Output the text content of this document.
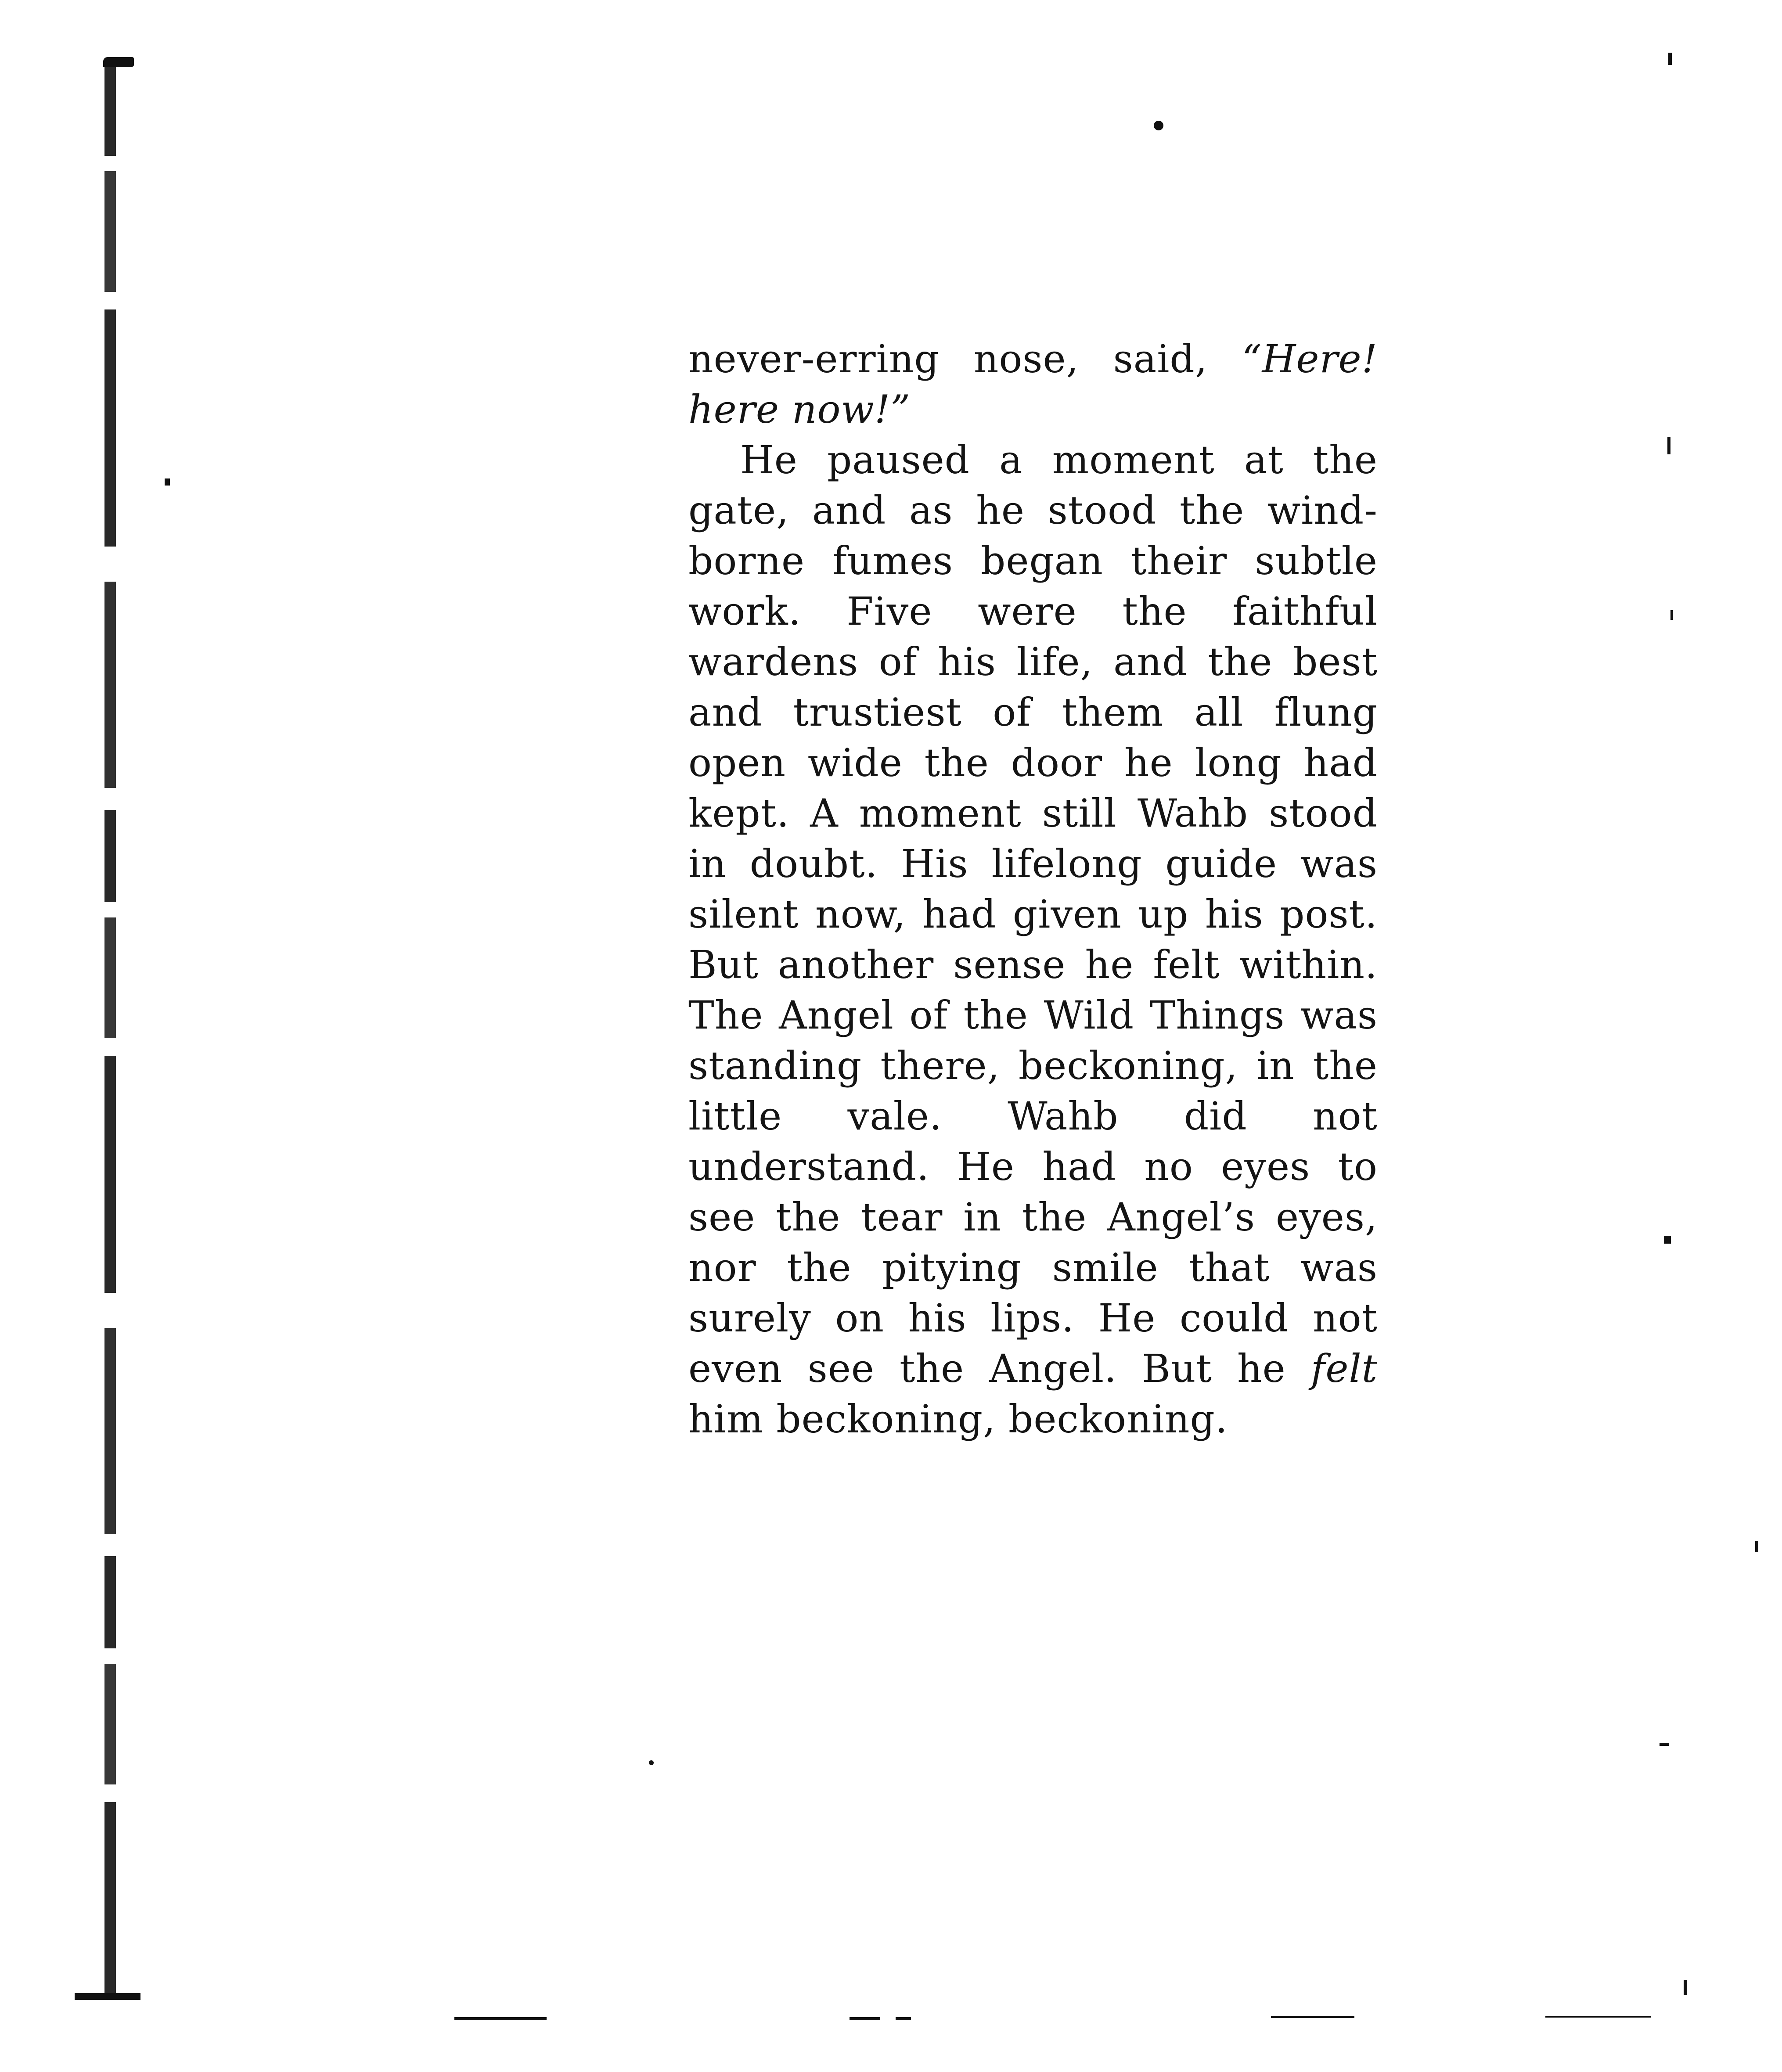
never-erring nose, said, “Here! here now!”

He paused a moment at the gate, and as he stood the wind-borne fumes began their subtle work. Five were the faithful wardens of his life, and the best and trustiest of them all flung open wide the door he long had kept. A moment still Wahb stood in doubt. His lifelong guide was silent now, had given up his post. But another sense he felt within. The Angel of the Wild Things was standing there, beckoning, in the little vale. Wahb did not understand. He had no eyes to see the tear in the Angel’s eyes, nor the pitying smile that was surely on his lips. He could not even see the Angel. But he felt him beckoning, beckoning.
